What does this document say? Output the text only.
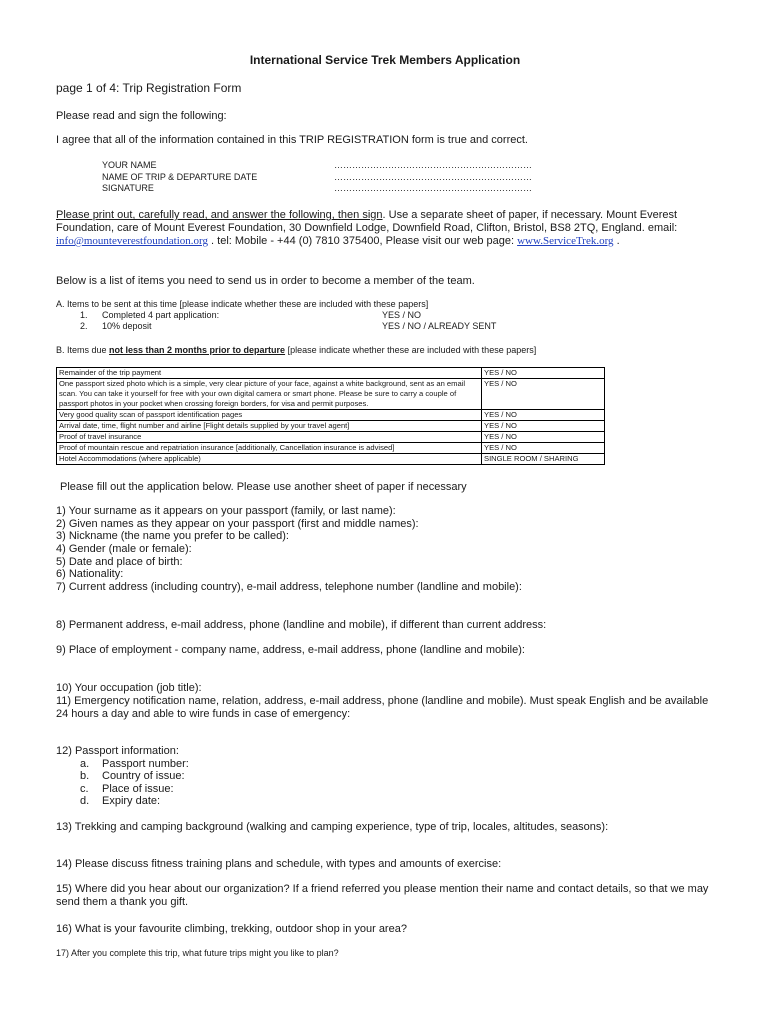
International Service Trek Members Application
page 1 of 4: Trip Registration Form
Please read and sign the following:
I agree that all of the information contained in this TRIP REGISTRATION form is true and correct.
YOUR NAME	…………………………………………………………
NAME OF TRIP & DEPARTURE DATE	…………………………………………………………
SIGNATURE	…………………………………………………………
Please print out, carefully read, and answer the following, then sign. Use a separate sheet of paper, if necessary. Mount Everest Foundation, care of Mount Everest Foundation, 30 Downfield Lodge, Downfield Road, Clifton, Bristol, BS8 2TQ, England. email: info@mounteverestfoundation.org . tel: Mobile - +44 (0) 7810 375400, Please visit our web page: www.ServiceTrek.org .
Below is a list of items you need to send us in order to become a member of the team.
A. Items to be sent at this time [please indicate whether these are included with these papers]
1. Completed 4 part application:	YES / NO
2. 10% deposit	YES / NO / ALREADY SENT
B. Items due not less than 2 months prior to departure [please indicate whether these are included with these papers]
Remainder of the trip payment	YES / NO
One passport sized photo which is a simple, very clear picture of your face, against a white background, sent as an email scan. You can take it yourself for free with your own digital camera or smart phone. Please be sure to carry a couple of passport photos in your pocket when crossing foreign borders, for visa and permit purposes.	YES / NO
Very good quality scan of passport identification pages	YES / NO
Arrival date, time, flight number and airline [Flight details supplied by your travel agent]	YES / NO
Proof of travel insurance	YES / NO
Proof of mountain rescue and repatriation insurance [additionally, Cancellation insurance is advised]	YES / NO
Hotel Accommodations (where applicable)	SINGLE ROOM / SHARING
Please fill out the application below. Please use another sheet of paper if necessary
1) Your surname as it appears on your passport (family, or last name):
2) Given names as they appear on your passport (first and middle names):
3) Nickname (the name you prefer to be called):
4) Gender (male or female):
5) Date and place of birth:
6) Nationality:
7) Current address (including country), e-mail address, telephone number (landline and mobile):
8) Permanent address, e-mail address, phone (landline and mobile), if different than current address:
9) Place of employment - company name, address, e-mail address, phone (landline and mobile):
10) Your occupation (job title):
11) Emergency notification name, relation, address, e-mail address, phone (landline and mobile). Must speak English and be available 24 hours a day and able to wire funds in case of emergency:
12) Passport information:
a. Passport number:
b. Country of issue:
c. Place of issue:
d. Expiry date:
13) Trekking and camping background (walking and camping experience, type of trip, locales, altitudes, seasons):
14) Please discuss fitness training plans and schedule, with types and amounts of exercise:
15) Where did you hear about our organization? If a friend referred you please mention their name and contact details, so that we may send them a thank you gift.
16) What is your favourite climbing, trekking, outdoor shop in your area?
17) After you complete this trip, what future trips might you like to plan?
